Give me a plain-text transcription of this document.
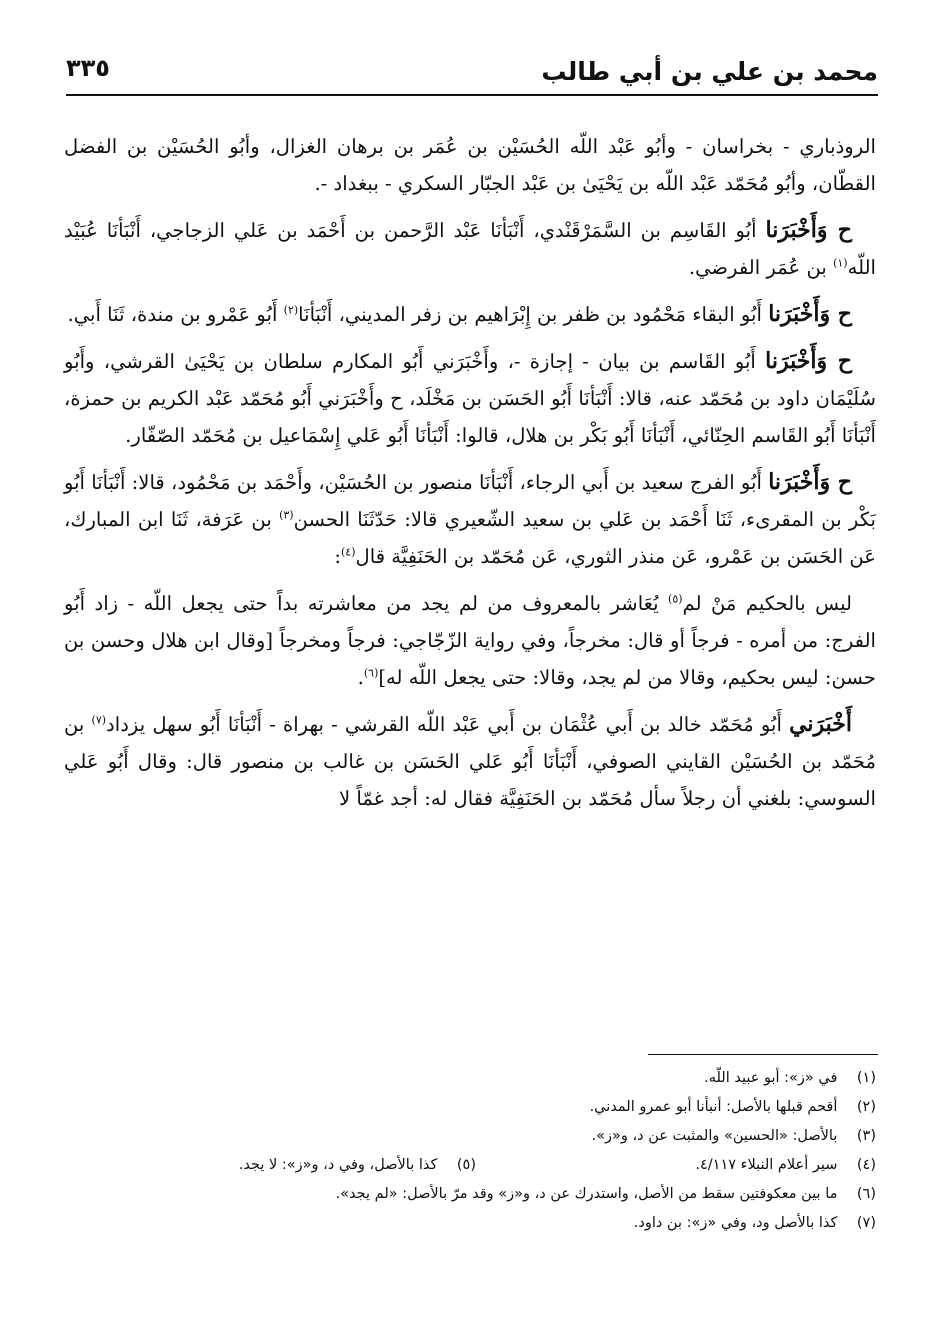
٣٣٥	محمد بن علي بن أبي طالب

الروذباري - بخراسان - وأبُو عَبْد اللّه الحُسَيْن بن عُمَر بن برهان الغزال، وأبُو الحُسَيْن بن الفضل القطّان، وأبُو مُحَمّد عَبْد اللّه بن يَحْيَىٰ بن عَبْد الجبّار السكري - ببغداد -.

ح وَأَخْبَرَنا أبُو القَاسِم بن السَّمَرْقَنْدي، أَنْبَأنَا عَبْد الرَّحمن بن أَحْمَد بن عَلي الزجاجي، أَنْبَأنَا عُبَيْد اللّه$^{(١)}$ بن عُمَر الفرضي.

ح وَأَخْبَرَنا أَبُو البقاء مَحْمُود بن ظفر بن إِبْرَاهيم بن زفر المديني، أَنْبَأنَا$^{(٢)}$ أَبُو عَمْرو بن مندة، ثَنَا أَبي.

ح وَأَخْبَرَنا أَبُو القَاسم بن بيان - إجازة -، وأَخْبَرَني أَبُو المكارم سلطان بن يَحْيَىٰ القرشي، وأَبُو سُلَيْمَان داود بن مُحَمّد عنه، قالا: أَنْبَأنَا أَبُو الحَسَن بن مَخْلَد، ح وأَخْبَرَني أَبُو مُحَمّد عَبْد الكريم بن حمزة، أَنْبَأنَا أَبُو القَاسم الحِنّائي، أَنْبَأنَا أَبُو بَكْر بن هلال، قالوا: أَنْبَأنَا أَبُو عَلي إِسْمَاعيل بن مُحَمّد الصّفّار.

ح وَأَخْبَرَنا أَبُو الفرج سعيد بن أَبي الرجاء، أَنْبَأنَا منصور بن الحُسَيْن، وأَحْمَد بن مَحْمُود، قالا: أَنْبَأنَا أَبُو بَكْر بن المقرىء، ثَنَا أَحْمَد بن عَلي بن سعيد الشّعيري قالا: حَدّثَنَا الحسن$^{(٣)}$ بن عَرَفة، ثَنَا ابن المبارك، عَن الحَسَن بن عَمْرو، عَن منذر الثوري، عَن مُحَمّد بن الحَنَفِيَّة قال$^{(٤)}$:

ليس بالحكيم مَنْ لم$^{(٥)}$ يُعَاشر بالمعروف من لم يجد من معاشرته بداً حتى يجعل اللّه - زاد أَبُو الفرج: من أمره - فرجاً أو قال: مخرجاً، وفي رواية الزّجّاجي: فرجاً ومخرجاً [وقال ابن هلال وحسن بن حسن: ليس بحكيم، وقالا من لم يجد، وقالا: حتى يجعل اللّه له]$^{(٦)}$.

أَخْبَرَني أَبُو مُحَمّد خالد بن أَبي عُثْمَان بن أَبي عَبْد اللّه القرشي - بهراة - أَنْبَأنَا أَبُو سهل يزداد$^{(٧)}$ بن مُحَمّد بن الحُسَيْن القايني الصوفي، أَنْبَأنَا أَبُو عَلي الحَسَن بن غالب بن منصور قال: وقال أَبُو عَلي السوسي: بلغني أن رجلاً سأل مُحَمّد بن الحَنَفِيَّة فقال له: أجد غمّاً لا

(١) في «ز»: أبو عبيد اللّه.
(٢) أقحم قبلها بالأصل: أنبأنا أبو عمرو المدني.
(٣) بالأصل: «الحسين» والمثبت عن د، و«ز».
(٤) سير أعلام النبلاء ٤/١١٧.
(٥) كذا بالأصل، وفي د، و«ز»: لا يجد.
(٦) ما بين معكوفتين سقط من الأصل، واستدرك عن د، و«ز» وقد مرّ بالأصل: «لم يجد».
(٧) كذا بالأصل ود، وفي «ز»: بن داود.
